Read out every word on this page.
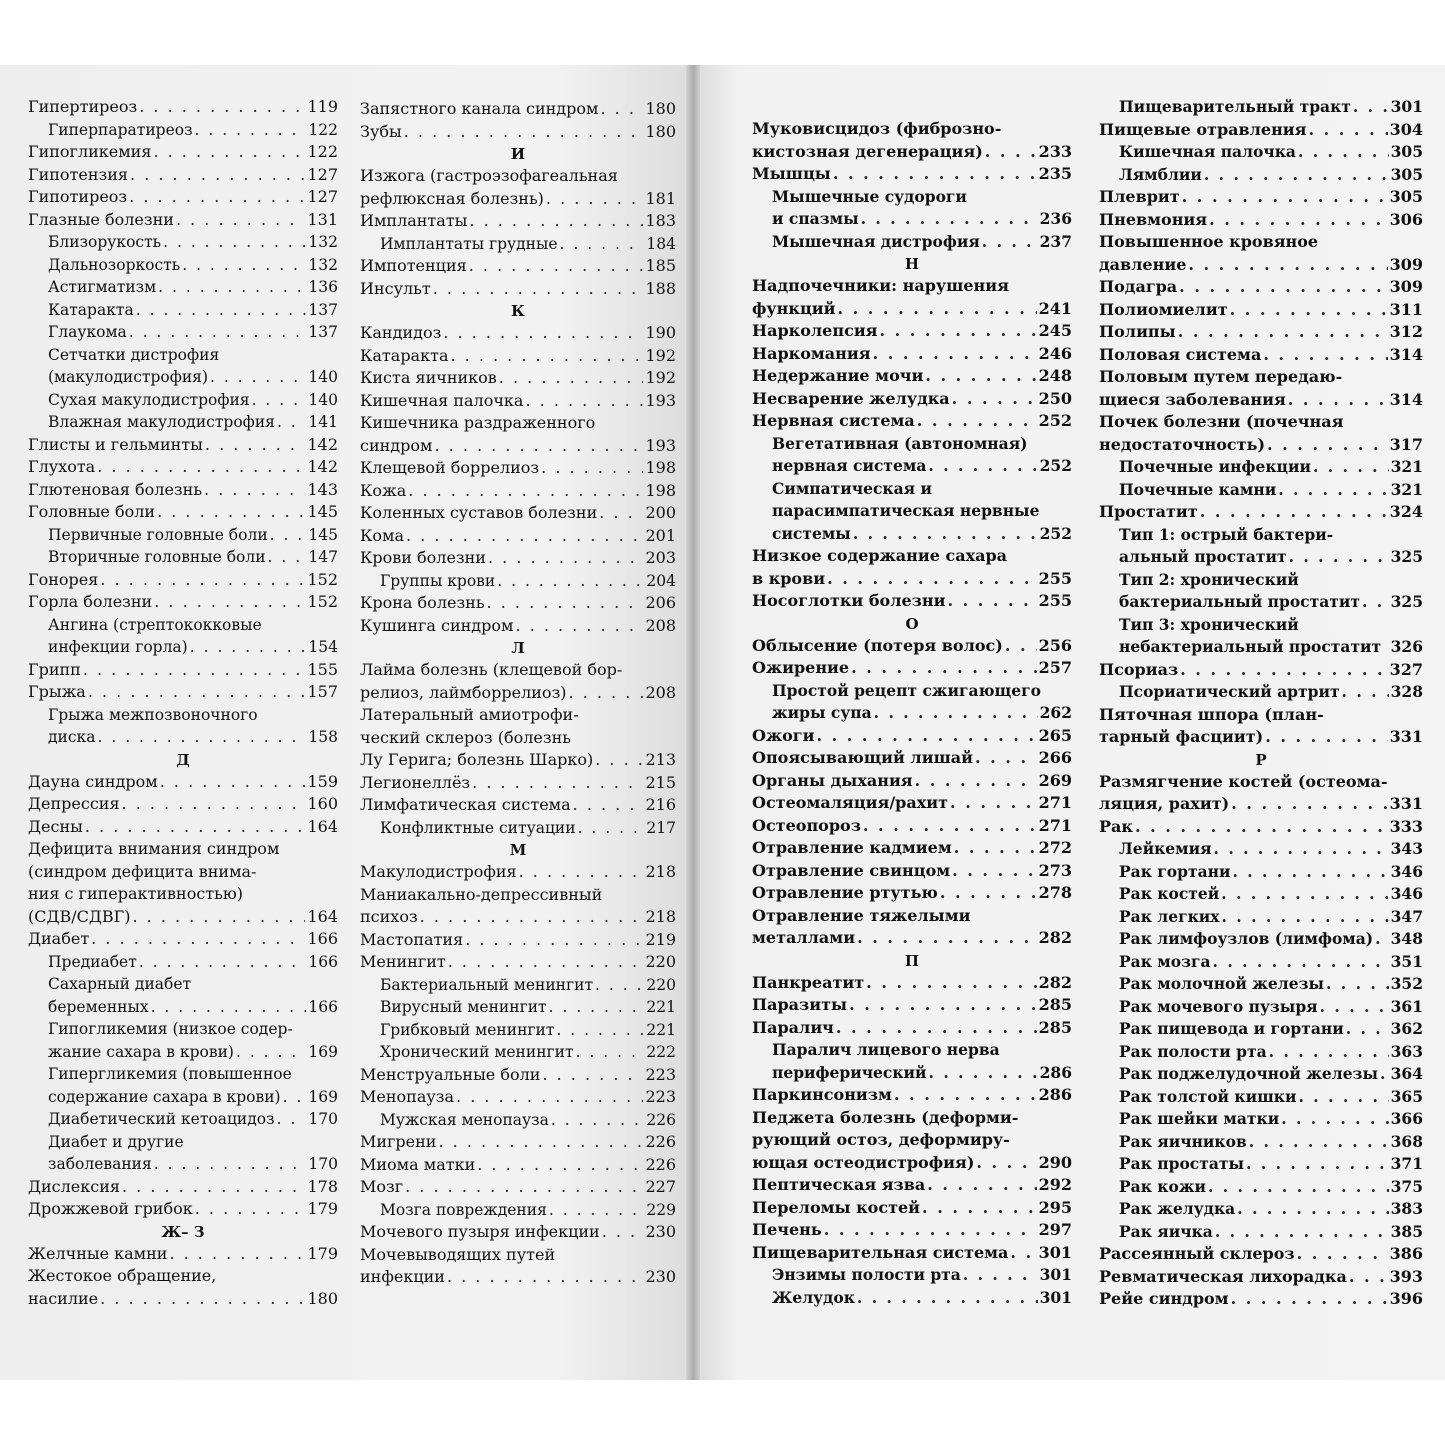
Гипертиреоз . . .	119
Гиперпаратиреоз . . .	122
Гипогликемия . . .	122
Гипотензия . . .	127
Гипотиреоз . . .	127
Глазные болезни . . .	131
Близорукость . . .	132
Дальнозоркость . . .	132
Астигматизм . . .	136
Катаракта . . .	137
Глаукома . . .	137
Сетчатки дистрофия
(макулодистрофия) . . .	140
Сухая макулодистрофия . . .	140
Влажная макулодистрофия . . . 141
Глисты и гельминты . . .	142
Глухота . . .	142
Глютеновая болезнь . . .	143
Головные боли . . .	145
Первичные головные боли . . .	145
Вторичные головные боли . . .	147
Гонорея . . .	152
Горла болезни . . .	152
Ангина (стрептококковые
инфекции горла) . . .	154
Грипп . . .	155
Грыжа . . .	157
Грыжа межпозвоночного
диска . . .	158
Д
Дауна синдром . . .	159
Депрессия . . .	160
Десны . . .	164
Дефицита внимания синдром
(синдром дефицита внима-
ния с гиперактивностью)
(СДВ/СДВГ) . . .	164
Диабет . . .	166
Предиабет . . .	166
Сахарный диабет
беременных . . .	166
Гипогликемия (низкое содер-
жание сахара в крови) . . .	169
Гипергликемия (повышенное
содержание сахара в крови) . . . 169
Диабетический кетоацидоз . . . 170
Диабет и другие
заболевания . . .	170
Дислексия . . .	178
Дрожжевой грибок . . .	179
Ж– З
Желчные камни . . .	179
Жестокое обращение,
насилие . . .	180
Запястного канала синдром . . .	180
Зубы . . .	180
И
Изжога (гастроэзофагеальная
рефлюксная болезнь) . . .	181
Имплантаты . . .	183
Имплантаты грудные . . .	184
Импотенция . . .	185
Инсульт . . .	188
К
Кандидоз . . .	190
Катаракта . . .	192
Киста яичников . . .	192
Кишечная палочка . . .	193
Кишечника раздраженного
синдром . . .	193
Клещевой боррелиоз . . .	198
Кожа . . .	198
Коленных суставов болезни . . .	200
Кома . . .	201
Крови болезни . . .	203
Группы крови . . .	204
Крона болезнь . . .	206
Кушинга синдром . . .	208
Л
Лайма болезнь (клещевой бор-
релиоз, лаймборрелиоз) . . .	208
Латеральный амиотрофи-
ческий склероз (болезнь
Лу Герига; болезнь Шарко) . . .	213
Легионеллёз . . .	215
Лимфатическая система . . .	216
Конфликтные ситуации . . .	217
М
Макулодистрофия . . .	218
Маниакально-депрессивный
психоз . . .	218
Мастопатия . . .	219
Менингит . . .	220
Бактериальный менингит . . .	220
Вирусный менингит . . .	221
Грибковый менингит . . .	221
Хронический менингит . . .	222
Менструальные боли . . .	223
Менопауза . . .	223
Мужская менопауза . . .	226
Мигрени . . .	226
Миома матки . . .	226
Мозг . . .	227
Мозга повреждения . . .	229
Мочевого пузыря инфекции . . .	230
Мочевыводящих путей
инфекции . . .	230
Муковисцидоз (фиброзно-
кистозная дегенерация) . . .	233
Мышцы . . .	235
Мышечные судороги
и спазмы . . .	236
Мышечная дистрофия . . .	237
Н
Надпочечники: нарушения
функций . . .	241
Нарколепсия . . .	245
Наркомания . . .	246
Недержание мочи . . .	248
Несварение желудка . . .	250
Нервная система . . .	252
Вегетативная (автономная)
нервная система . . .	252
Симпатическая и
парасимпатическая нервные
системы . . .	252
Низкое содержание сахара
в крови . . .	255
Носоглотки болезни . . .	255
О
Облысение (потеря волос) . . . 256
Ожирение . . .	257
Простой рецепт сжигающего
жиры супа . . .	262
Ожоги . . .	265
Опоясывающий лишай . . .	266
Органы дыхания . . .	269
Остеомаляция/рахит . . .	271
Остеопороз . . .	271
Отравление кадмием . . .	272
Отравление свинцом . . .	273
Отравление ртутью . . .	278
Отравление тяжелыми
металлами . . .	282
П
Панкреатит . . .	282
Паразиты . . .	285
Паралич . . .	285
Паралич лицевого нерва
периферический . . .	286
Паркинсонизм . . .	286
Педжета болезнь (деформи-
рующий остоз, деформиру-
ющая остеодистрофия) . . .	290
Пептическая язва . . .	292
Переломы костей . . .	295
Печень . . .	297
Пищеварительная система . . . 301
Энзимы полости рта . . .	301
Желудок . . .	301
Пищеварительный тракт . . .	301
Пищевые отравления . . .	304
Кишечная палочка . . .	305
Лямблии . . .	305
Плеврит . . .	305
Пневмония . . .	306
Повышенное кровяное
давление . . .	309
Подагра . . .	309
Полиомиелит . . .	311
Полипы . . .	312
Половая система . . .	314
Половым путем передаю-
щиеся заболевания . . .	314
Почек болезни (почечная
недостаточность) . . .	317
Почечные инфекции . . .	321
Почечные камни . . .	321
Простатит . . .	324
Тип 1: острый бактери-
альный простатит . . .	325
Тип 2: хронический
бактериальный простатит . . . 325
Тип 3: хронический
небактериальный простатит 326
Псориаз . . .	327
Псориатический артрит . . .	328
Пяточная шпора (план-
тарный фасциит) . . .	331
Р
Размягчение костей (остеома-
ляция, рахит) . . .	331
Рак . . .	333
Лейкемия . . .	343
Рак гортани . . .	346
Рак костей . . .	346
Рак легких . . .	347
Рак лимфоузлов (лимфома) . . . 348
Рак мозга . . .	351
Рак молочной железы . . .	352
Рак мочевого пузыря . . .	361
Рак пищевода и гортани . . .	362
Рак полости рта . . .	363
Рак поджелудочной железы . . . 364
Рак толстой кишки . . .	365
Рак шейки матки . . .	366
Рак яичников . . .	368
Рак простаты . . .	371
Рак кожи . . .	375
Рак желудка . . .	383
Рак яичка . . .	385
Рассеянный склероз . . .	386
Ревматическая лихорадка . . .	393
Рейе синдром . . .	396
